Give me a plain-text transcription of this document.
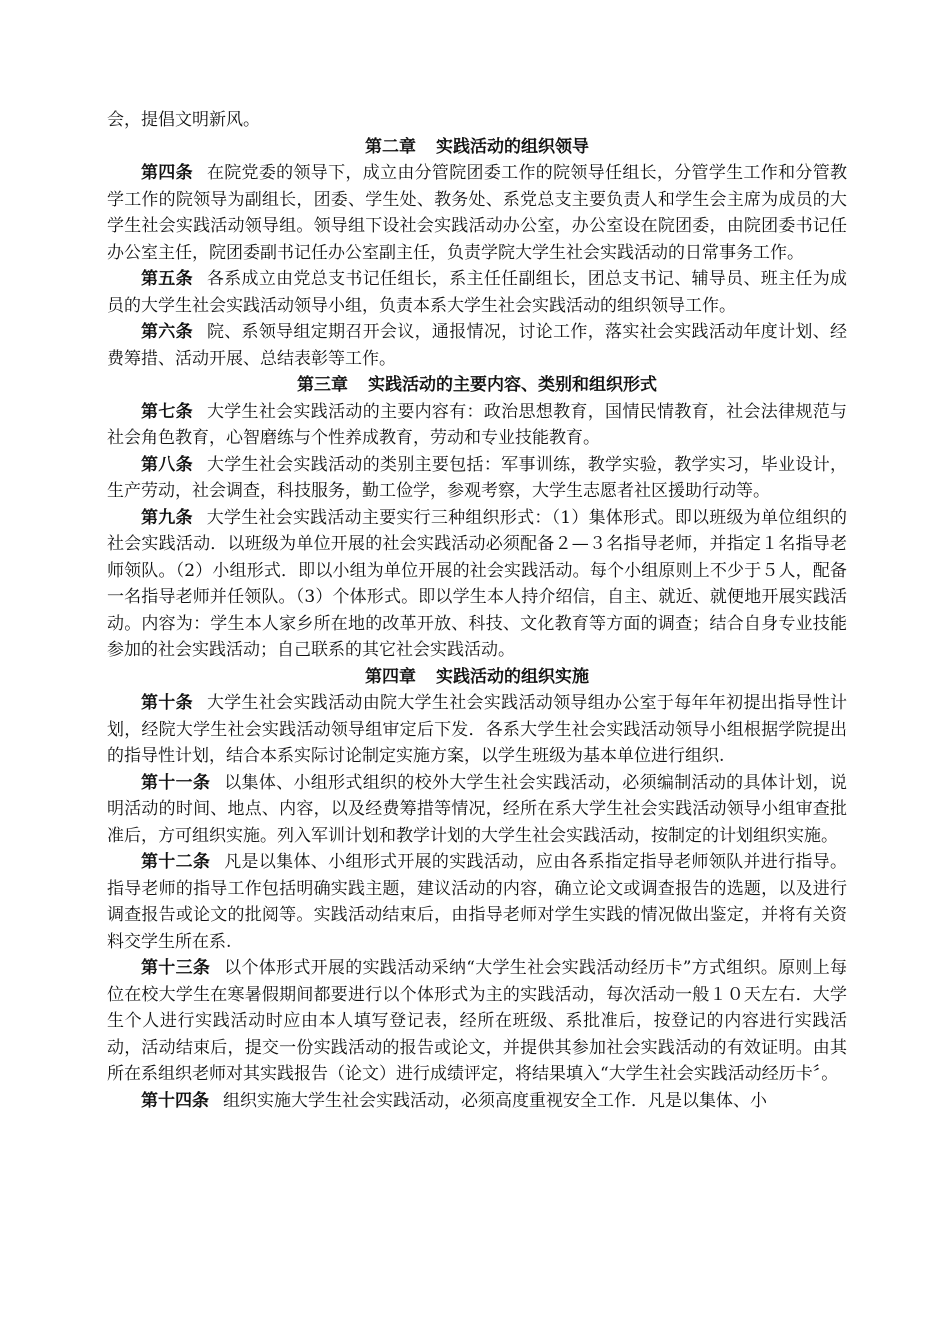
会，提倡文明新风。

第二章 实践活动的组织领导

第四条 在院党委的领导下，成立由分管院团委工作的院领导任组长，分管学生工作和分管教学工作的院领导为副组长，团委、学生处、教务处、系党总支主要负责人和学生会主席为成员的大学生社会实践活动领导组。领导组下设社会实践活动办公室，办公室设在院团委，由院团委书记任办公室主任，院团委副书记任办公室副主任，负责学院大学生社会实践活动的日常事务工作。

第五条 各系成立由党总支书记任组长，系主任任副组长，团总支书记、辅导员、班主任为成员的大学生社会实践活动领导小组，负责本系大学生社会实践活动的组织领导工作。

第六条 院、系领导组定期召开会议，通报情况，讨论工作，落实社会实践活动年度计划、经费筹措、活动开展、总结表彰等工作。

第三章 实践活动的主要内容、类别和组织形式

第七条 大学生社会实践活动的主要内容有：政治思想教育，国情民情教育，社会法律规范与社会角色教育，心智磨练与个性养成教育，劳动和专业技能教育。

第八条 大学生社会实践活动的类别主要包括：军事训练，教学实验，教学实习，毕业设计，生产劳动，社会调查，科技服务，勤工俭学，参观考察，大学生志愿者社区援助行动等。

第九条 大学生社会实践活动主要实行三种组织形式：（1）集体形式。即以班级为单位组织的社会实践活动．以班级为单位开展的社会实践活动必须配备２—３名指导老师，并指定１名指导老师领队。（2）小组形式．即以小组为单位开展的社会实践活动。每个小组原则上不少于５人，配备一名指导老师并任领队。（3）个体形式。即以学生本人持介绍信，自主、就近、就便地开展实践活动。内容为：学生本人家乡所在地的改革开放、科技、文化教育等方面的调查；结合自身专业技能参加的社会实践活动；自己联系的其它社会实践活动。

第四章 实践活动的组织实施

第十条 大学生社会实践活动由院大学生社会实践活动领导组办公室于每年年初提出指导性计划，经院大学生社会实践活动领导组审定后下发．各系大学生社会实践活动领导小组根据学院提出的指导性计划，结合本系实际讨论制定实施方案，以学生班级为基本单位进行组织.

第十一条 以集体、小组形式组织的校外大学生社会实践活动，必须编制活动的具体计划，说明活动的时间、地点、内容，以及经费筹措等情况，经所在系大学生社会实践活动领导小组审查批准后，方可组织实施。列入军训计划和教学计划的大学生社会实践活动，按制定的计划组织实施。

第十二条 凡是以集体、小组形式开展的实践活动，应由各系指定指导老师领队并进行指导。指导老师的指导工作包括明确实践主题，建议活动的内容，确立论文或调查报告的选题，以及进行调查报告或论文的批阅等。实践活动结束后，由指导老师对学生实践的情况做出鉴定，并将有关资料交学生所在系.

第十三条 以个体形式开展的实践活动采纳“大学生社会实践活动经历卡”方式组织。原则上每位在校大学生在寒暑假期间都要进行以个体形式为主的实践活动，每次活动一般１０天左右．大学生个人进行实践活动时应由本人填写登记表，经所在班级、系批准后，按登记的内容进行实践活动，活动结束后，提交一份实践活动的报告或论文，并提供其参加社会实践活动的有效证明。由其所在系组织老师对其实践报告（论文）进行成绩评定，将结果填入“大学生社会实践活动经历卡〞。

第十四条 组织实施大学生社会实践活动，必须高度重视安全工作．凡是以集体、小
